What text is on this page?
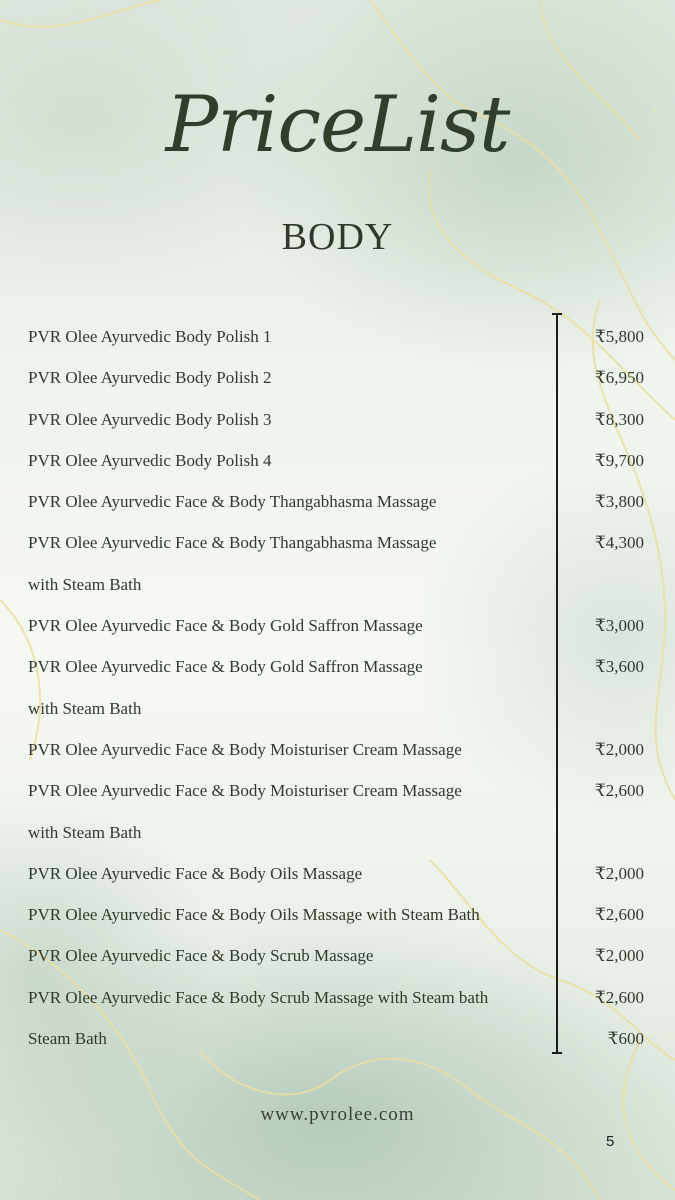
PriceList
BODY
PVR Olee Ayurvedic Body Polish 1	₹5,800
PVR Olee Ayurvedic Body Polish 2	₹6,950
PVR Olee Ayurvedic Body Polish 3	₹8,300
PVR Olee Ayurvedic Body Polish 4	₹9,700
PVR Olee Ayurvedic Face & Body Thangabhasma Massage	₹3,800
PVR Olee Ayurvedic Face & Body Thangabhasma Massage	₹4,300
with Steam Bath
PVR Olee Ayurvedic Face & Body Gold Saffron Massage	₹3,000
PVR Olee Ayurvedic Face & Body Gold Saffron Massage	₹3,600
with Steam Bath
PVR Olee Ayurvedic Face & Body Moisturiser Cream Massage	₹2,000
PVR Olee Ayurvedic Face & Body Moisturiser Cream Massage	₹2,600
with Steam Bath
PVR Olee Ayurvedic Face & Body Oils Massage	₹2,000
PVR Olee Ayurvedic Face & Body Oils Massage with Steam Bath	₹2,600
PVR Olee Ayurvedic Face & Body Scrub Massage	₹2,000
PVR Olee Ayurvedic Face & Body Scrub Massage with Steam bath	₹2,600
Steam Bath	₹600
www.pvrolee.com
5
